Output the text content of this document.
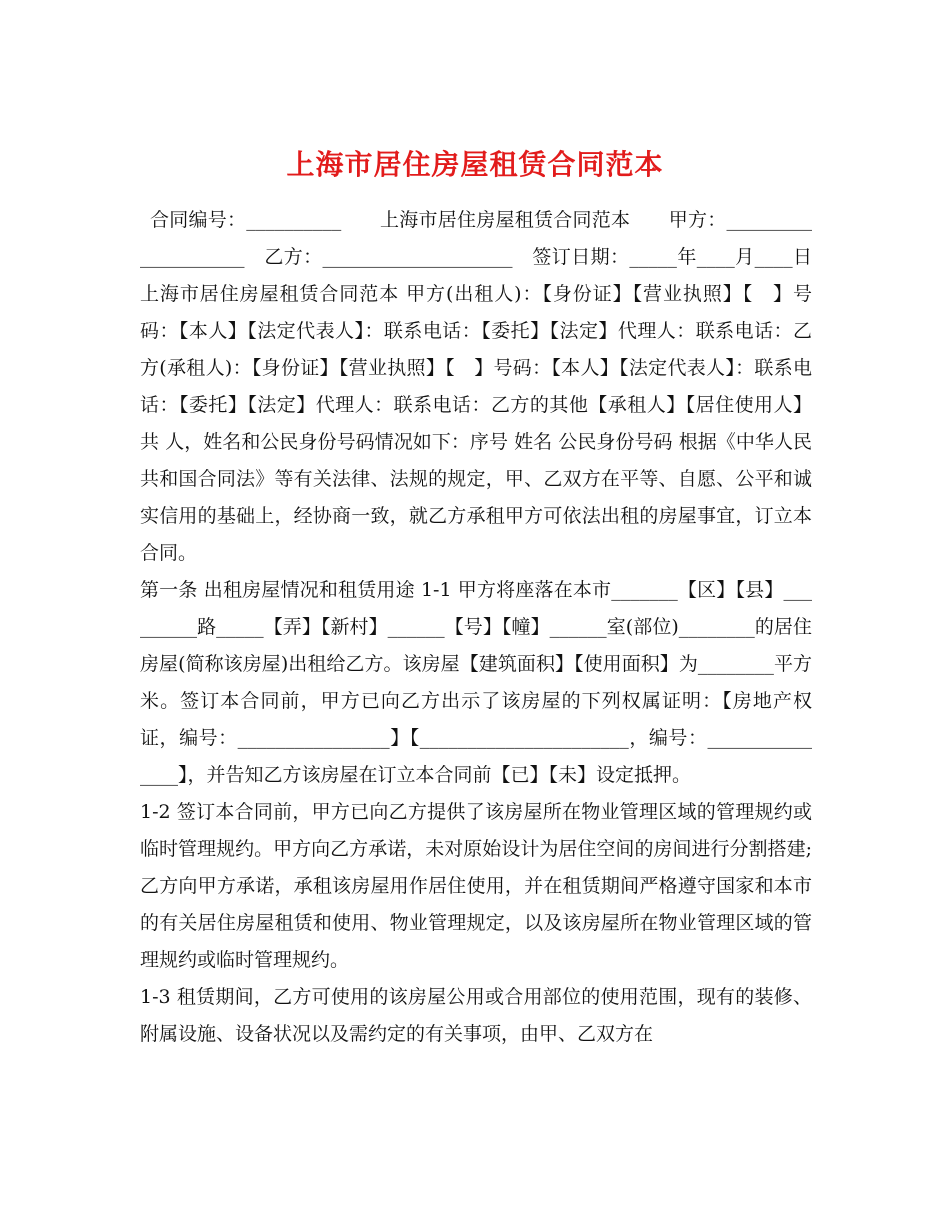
上海市居住房屋租赁合同范本

合同编号：__________　　上海市居住房屋租赁合同范本　　甲方：____________________　乙方：____________________　签订日期：_____年____月____日　　　上海市居住房屋租赁合同范本 甲方(出租人)：【身份证】【营业执照】【　】号码：【本人】【法定代表人】：联系电话：【委托】【法定】代理人：联系电话：乙方(承租人)：【身份证】【营业执照】【　】号码：【本人】【法定代表人】：联系电话：【委托】【法定】代理人：联系电话：乙方的其他【承租人】【居住使用人】共 人，姓名和公民身份号码情况如下：序号 姓名 公民身份号码 根据《中华人民共和国合同法》等有关法律、法规的规定，甲、乙双方在平等、自愿、公平和诚实信用的基础上，经协商一致，就乙方承租甲方可依法出租的房屋事宜，订立本合同。

第一条 出租房屋情况和租赁用途 1-1 甲方将座落在本市_______【区】【县】_________路_____【弄】【新村】______【号】【幢】______室(部位)________的居住房屋(简称该房屋)出租给乙方。该房屋【建筑面积】【使用面积】为________平方米。签订本合同前，甲方已向乙方出示了该房屋的下列权属证明：【房地产权证，编号：________________】【______________________，编号：_______________】，并告知乙方该房屋在订立本合同前【已】【未】设定抵押。

1-2 签订本合同前，甲方已向乙方提供了该房屋所在物业管理区域的管理规约或临时管理规约。甲方向乙方承诺，未对原始设计为居住空间的房间进行分割搭建;乙方向甲方承诺，承租该房屋用作居住使用，并在租赁期间严格遵守国家和本市的有关居住房屋租赁和使用、物业管理规定，以及该房屋所在物业管理区域的管理规约或临时管理规约。

1-3 租赁期间，乙方可使用的该房屋公用或合用部位的使用范围，现有的装修、附属设施、设备状况以及需约定的有关事项，由甲、乙双方在
